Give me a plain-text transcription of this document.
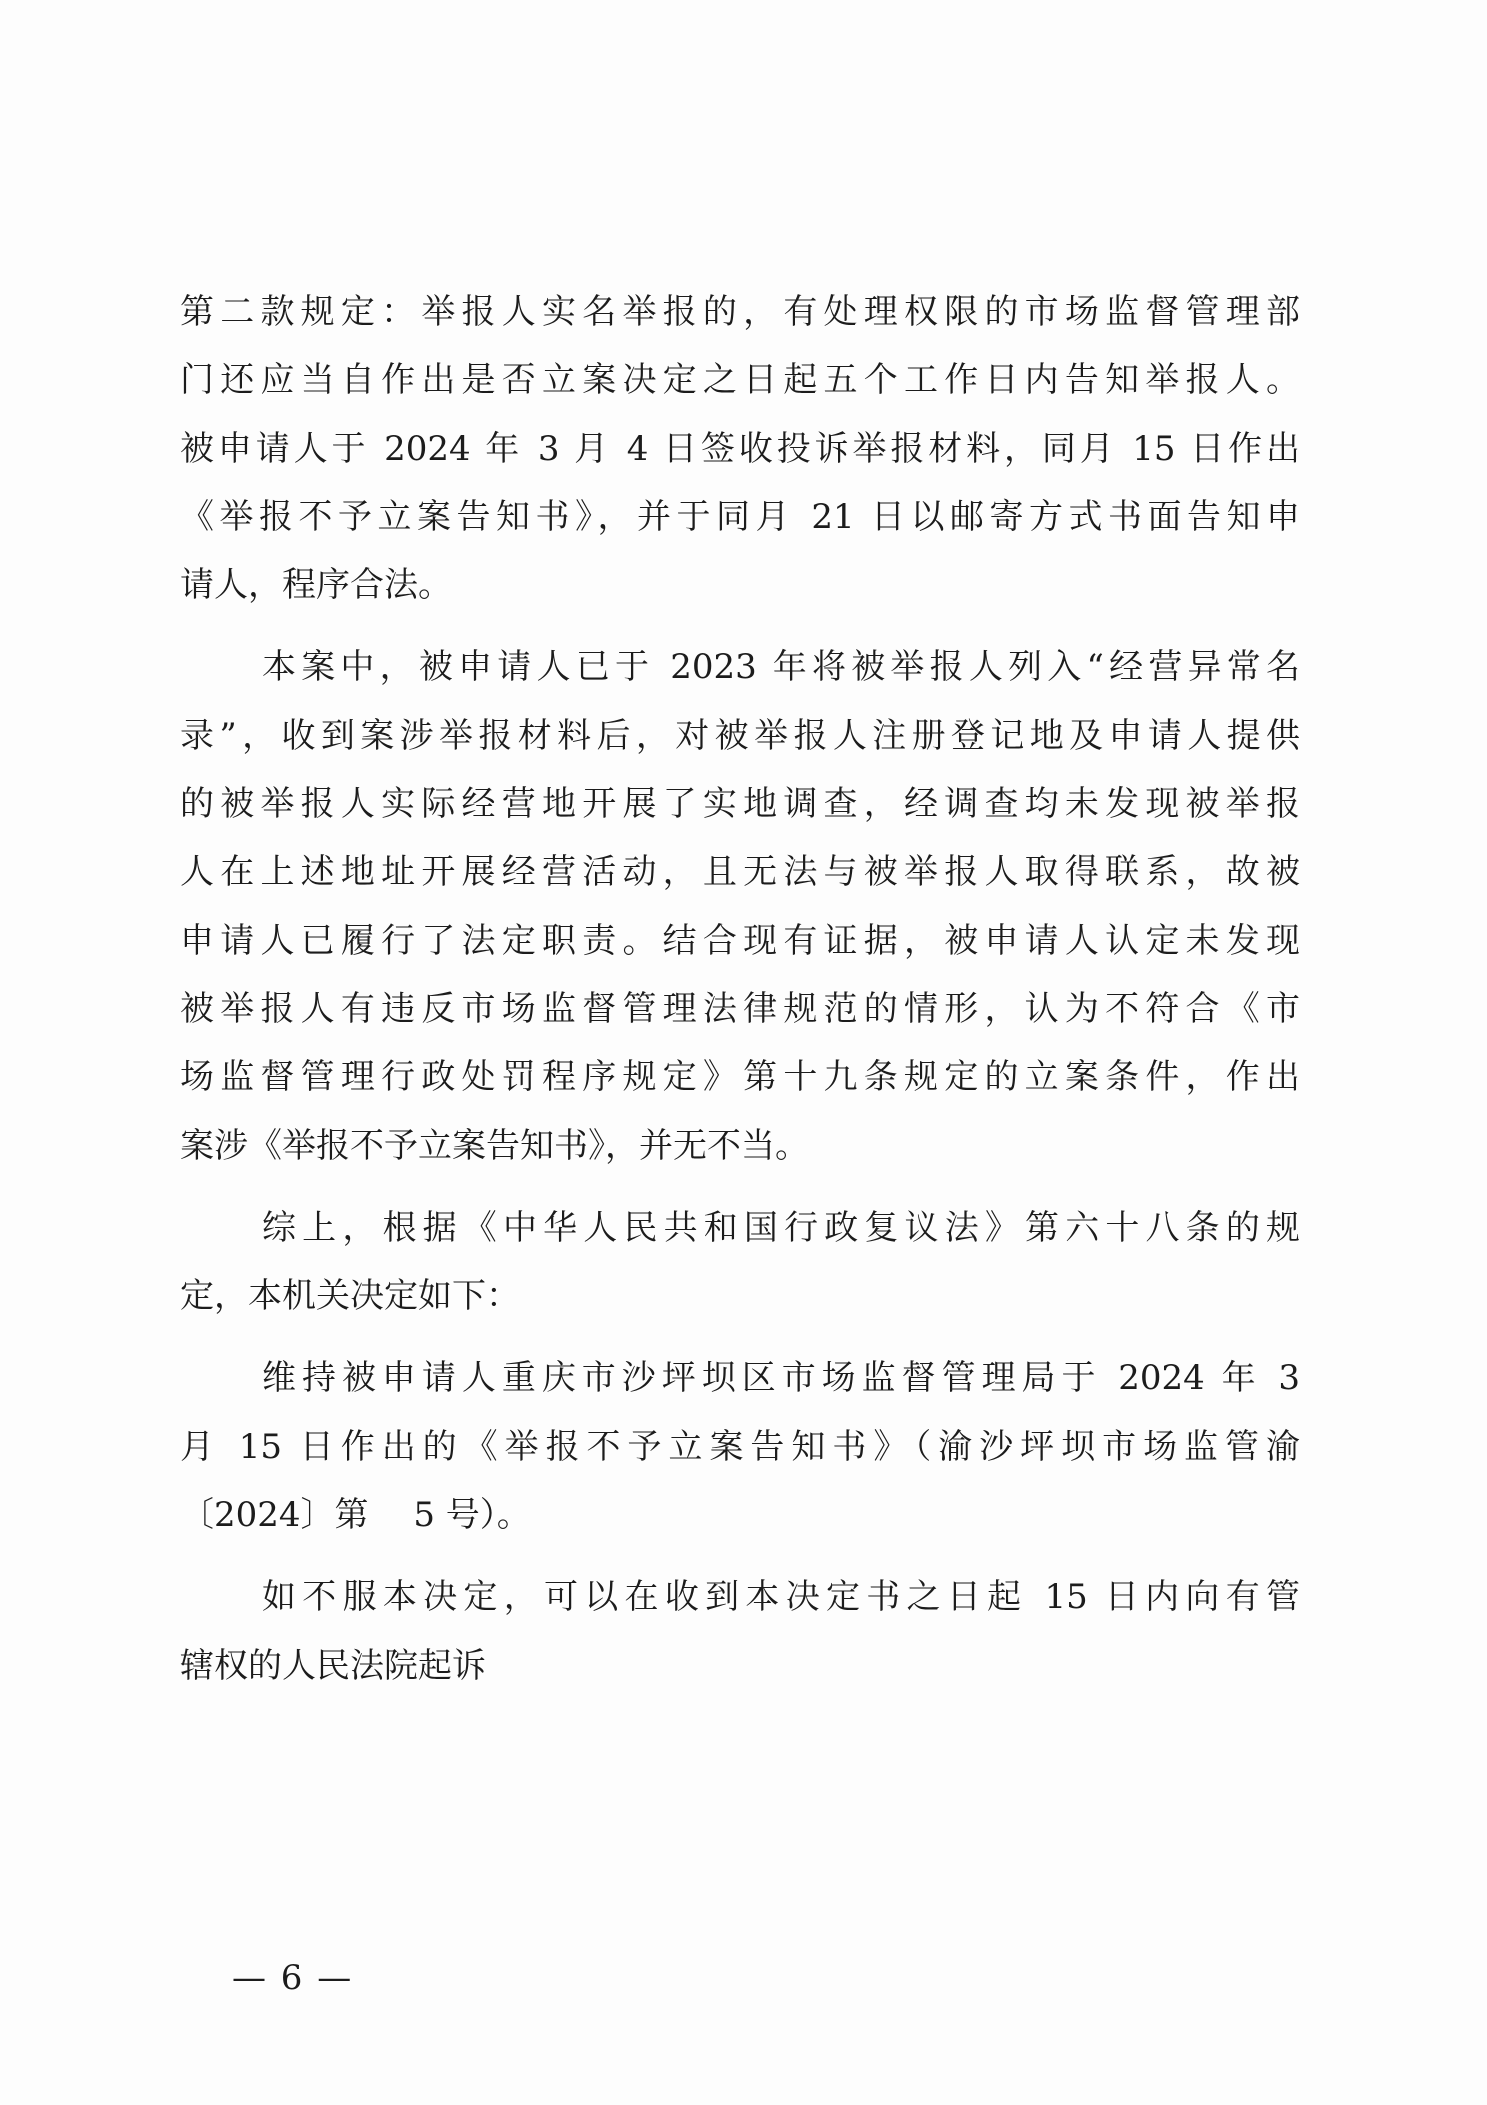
第二款规定：举报人实名举报的，有处理权限的市场监督管理部
门还应当自作出是否立案决定之日起五个工作日内告知举报人。
被申请人于 2024 年 3 月 4 日签收投诉举报材料，同月 15 日作出
《举报不予立案告知书》，并于同月 21 日以邮寄方式书面告知申
请人，程序合法。
本案中，被申请人已于 2023 年将被举报人列入“经营异常名
录”，收到案涉举报材料后，对被举报人注册登记地及申请人提供
的被举报人实际经营地开展了实地调查，经调查均未发现被举报
人在上述地址开展经营活动，且无法与被举报人取得联系，故被
申请人已履行了法定职责。结合现有证据，被申请人认定未发现
被举报人有违反市场监督管理法律规范的情形，认为不符合《市
场监督管理行政处罚程序规定》第十九条规定的立案条件，作出
案涉《举报不予立案告知书》，并无不当。
综上，根据《中华人民共和国行政复议法》第六十八条的规
定，本机关决定如下：
维持被申请人重庆市沙坪坝区市场监督管理局于 2024 年 3
月 15 日作出的《举报不予立案告知书》（渝沙坪坝市场监管渝
〔2024〕第　 5 号）。
如不服本决定，可以在收到本决定书之日起 15 日内向有管
辖权的人民法院起诉
— 6 —
